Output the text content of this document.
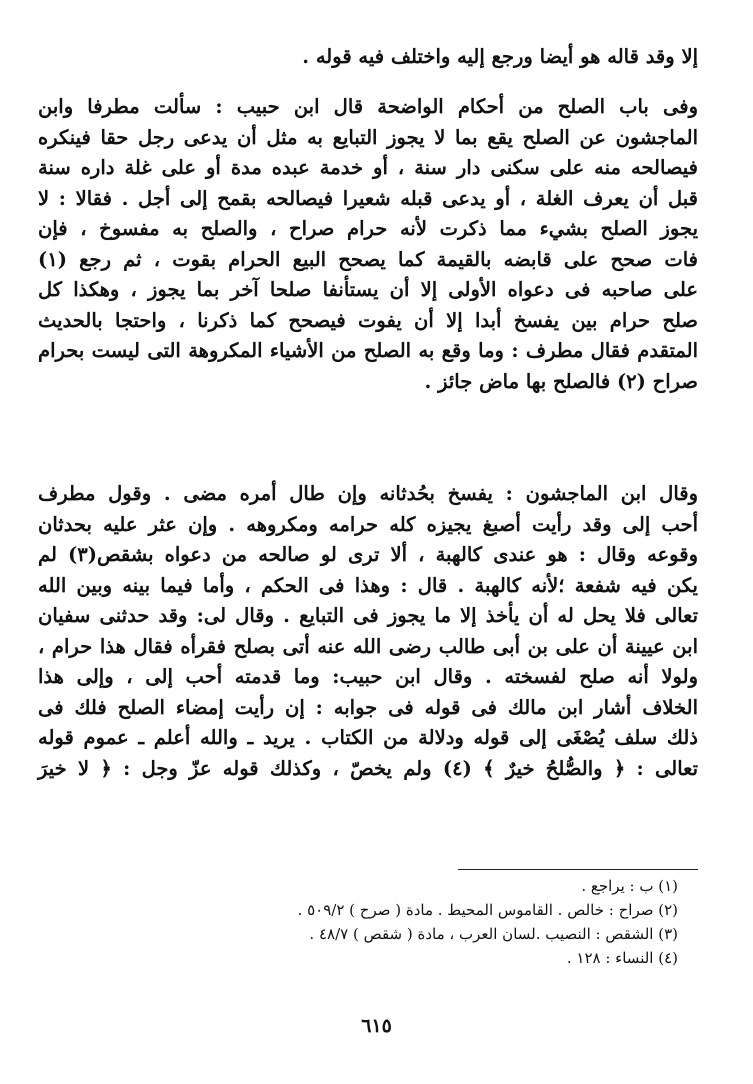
إلا وقد قاله هو أيضا ورجع إليه واختلف فيه قوله .
وفى باب الصلح من أحكام الواضحة قال ابن حبيب : سألت مطرفا وابن
الماجشون عن الصلح يقع بما لا يجوز التبايع به مثل أن يدعى رجل حقا فينكره
فيصالحه منه على سكنى دار سنة ، أو خدمة عبده مدة أو على غلة داره سنة
قبل أن يعرف الغلة ، أو يدعى قبله شعيرا فيصالحه بقمح إلى أجل . فقالا : لا
يجوز الصلح بشيء مما ذكرت لأنه حرام صراح ، والصلح به مفسوخ ، فإن
فات صحح على قابضه بالقيمة كما يصحح البيع الحرام بقوت ، ثم رجع (١)
على صاحبه فى دعواه الأولى إلا أن يستأنفا صلحا آخر بما يجوز ، وهكذا كل
صلح حرام بين يفسخ أبدا إلا أن يفوت فيصحح كما ذكرنا ، واحتجا بالحديث
المتقدم فقال مطرف : وما وقع به الصلح من الأشياء المكروهة التى ليست بحرام
صراح (٢) فالصلح بها ماض جائز .
وقال ابن الماجشون : يفسخ بحُدثانه وإن طال أمره مضى . وقول مطرف
أحب إلى وقد رأيت أصبغ يجيزه كله حرامه ومكروهه . وإن عثر عليه بحدثان
وقوعه وقال : هو عندى كالهبة ، ألا ترى لو صالحه من دعواه بشقص(٣) لم
يكن فيه شفعة ؛لأنه كالهبة . قال : وهذا فى الحكم ، وأما فيما بينه وبين الله
تعالى فلا يحل له أن يأخذ إلا ما يجوز فى التبايع . وقال لى: وقد حدثنى سفيان
ابن عيينة أن على بن أبى طالب رضى الله عنه أتى بصلح فقرأه فقال هذا حرام ،
ولولا أنه صلح لفسخته . وقال ابن حبيب: وما قدمته أحب إلى ، وإلى هذا
الخلاف أشار ابن مالك فى قوله فى جوابه : إن رأيت إمضاء الصلح فلك فى
ذلك سلف يُصْغَى إلى قوله ودلالة من الكتاب . يريد ـ والله أعلم ـ عموم قوله
تعالى : ﴿ والصُّلحُ خيرٌ ﴾ (٤) ولم يخصّ ، وكذلك قوله عزّ وجل : ﴿ لا خيرَ
(١) ب : يراجع .
(٢) صراح : خالص . القاموس المحيط . مادة ( صرح ) ٥٠٩/٢ .
(٣) الشقص : النصيب .لسان العرب ، مادة ( شقص ) ٤٨/٧ .
(٤) النساء : ١٢٨ .
٦١٥
